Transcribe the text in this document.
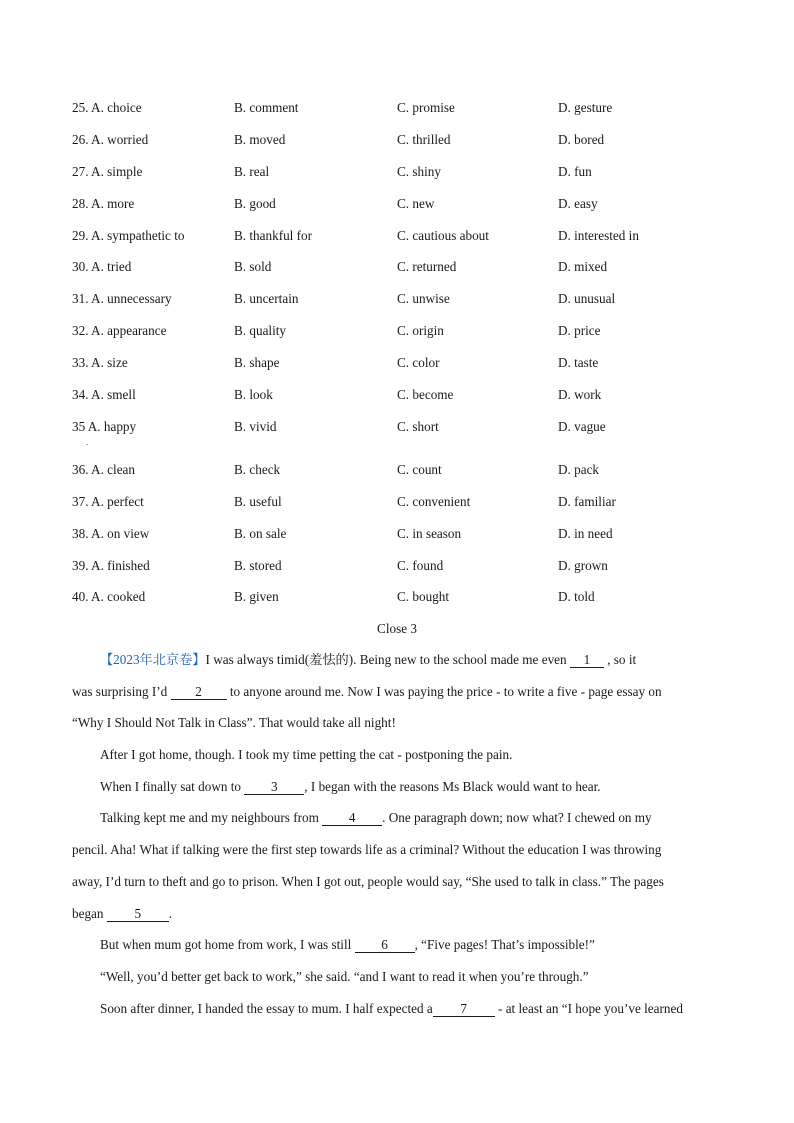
25. A. choice	B. comment	C. promise	D. gesture
26. A. worried	B. moved	C. thrilled	D. bored
27. A. simple	B. real	C. shiny	D. fun
28. A. more	B. good	C. new	D. easy
29. A. sympathetic to	B. thankful for	C. cautious about	D. interested in
30. A. tried	B. sold	C. returned	D. mixed
31. A. unnecessary	B. uncertain	C. unwise	D. unusual
32. A. appearance	B. quality	C. origin	D. price
33. A. size	B. shape	C. color	D. taste
34. A. smell	B. look	C. become	D. work
35 A. happy	B. vivid	C. short	D. vague
36. A. clean	B. check	C. count	D. pack
37. A. perfect	B. useful	C. convenient	D. familiar
38. A. on view	B. on sale	C. in season	D. in need
39. A. finished	B. stored	C. found	D. grown
40. A. cooked	B. given	C. bought	D. told
.
Close 3
【2023年北京卷】I was always timid(羞怯的). Being new to the school made me even 1 , so it
was surprising I’d 2 to anyone around me. Now I was paying the price - to write a five - page essay on
“Why I Should Not Talk in Class”. That would take all night!
After I got home, though. I took my time petting the cat - postponing the pain.
When I finally sat down to 3 , I began with the reasons Ms Black would want to hear.
Talking kept me and my neighbours from 4 . One paragraph down; now what? I chewed on my
pencil. Aha! What if talking were the first step towards life as a criminal? Without the education I was throwing
away, I’d turn to theft and go to prison. When I got out, people would say, “She used to talk in class.” The pages
began 5 .
But when mum got home from work, I was still 6 , “Five pages! That’s impossible!”
“Well, you’d better get back to work,” she said. “and I want to read it when you’re through.”
Soon after dinner, I handed the essay to mum. I half expected a 7 - at least an “I hope you’ve learned
